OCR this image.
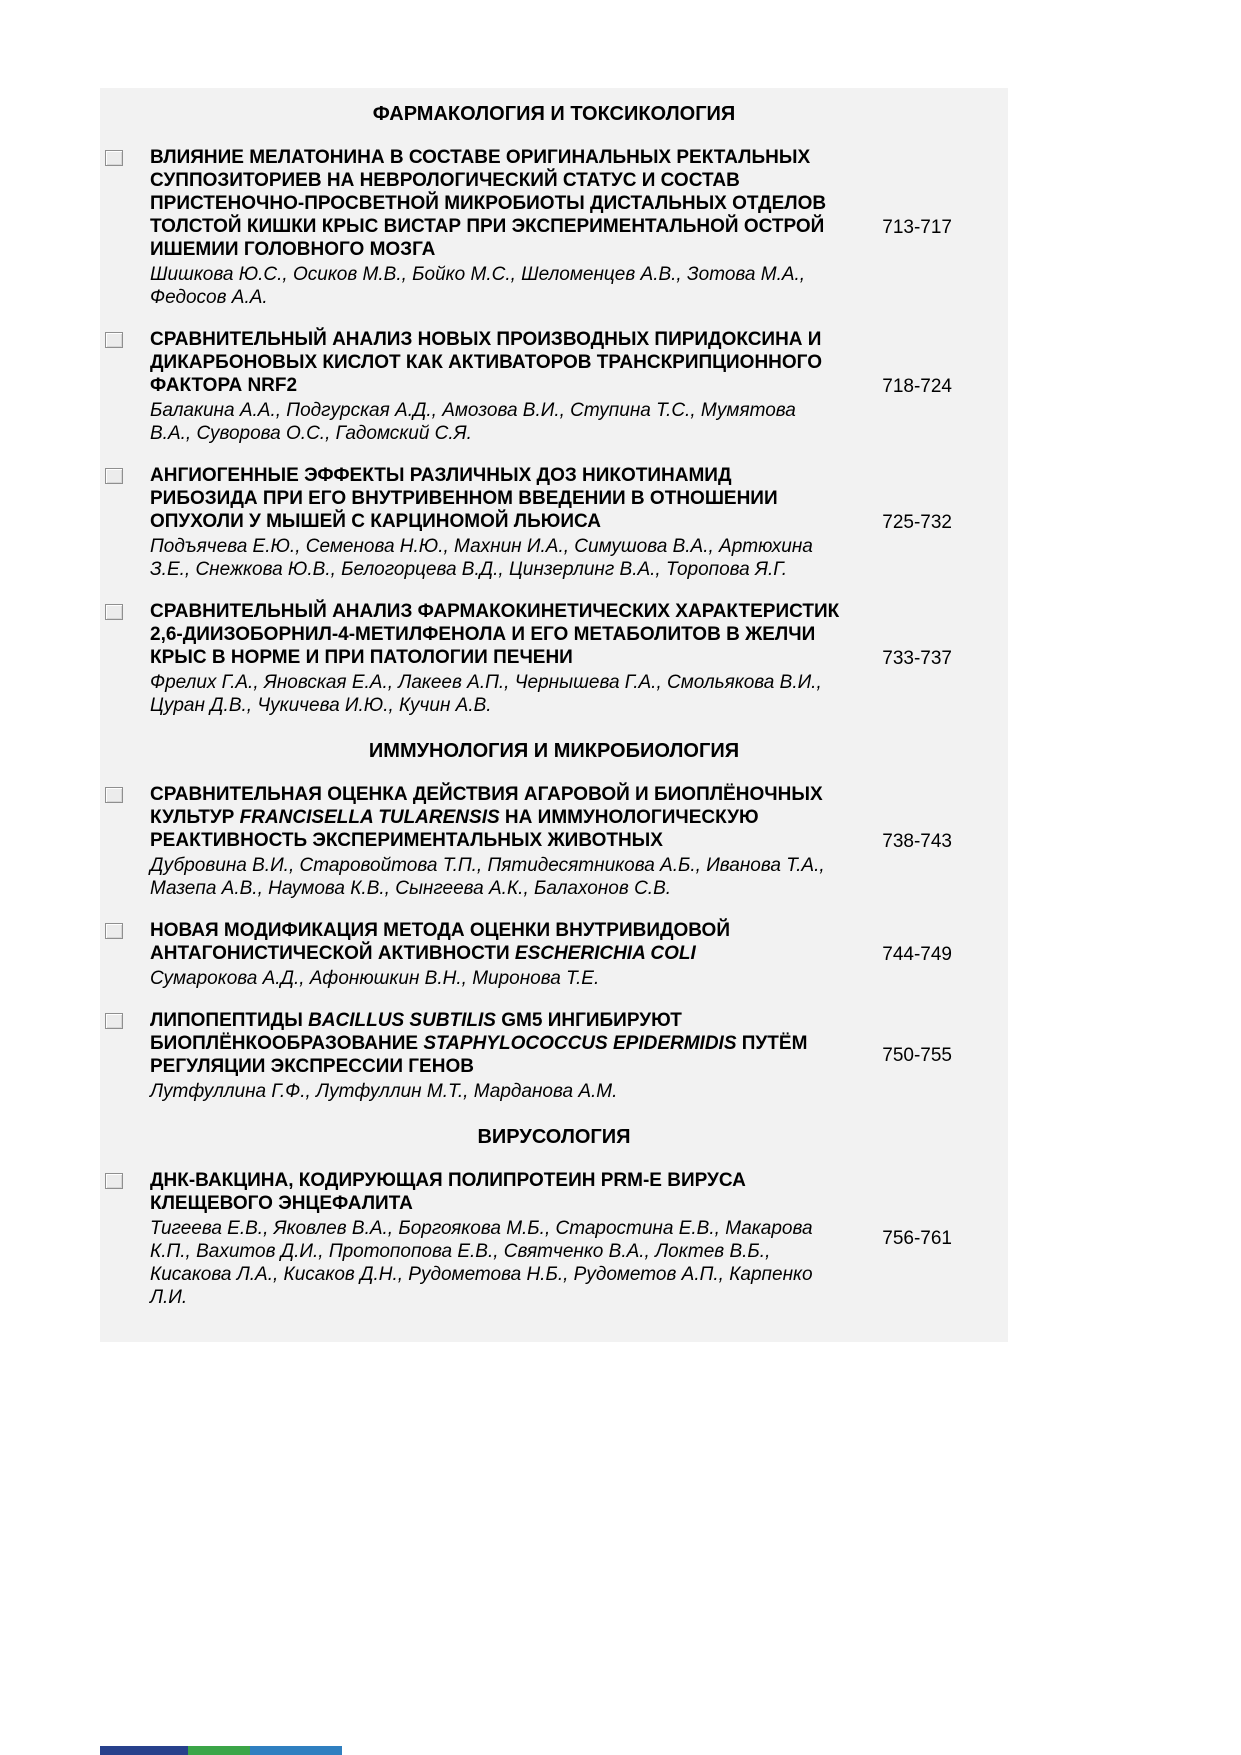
ФАРМАКОЛОГИЯ И ТОКСИКОЛОГИЯ
ВЛИЯНИЕ МЕЛАТОНИНА В СОСТАВЕ ОРИГИНАЛЬНЫХ РЕКТАЛЬНЫХ СУППОЗИТОРИЕВ НА НЕВРОЛОГИЧЕСКИЙ СТАТУС И СОСТАВ ПРИСТЕНОЧНО-ПРОСВЕТНОЙ МИКРОБИОТЫ ДИСТАЛЬНЫХ ОТДЕЛОВ ТОЛСТОЙ КИШКИ КРЫС ВИСТАР ПРИ ЭКСПЕРИМЕНТАЛЬНОЙ ОСТРОЙ ИШЕМИИ ГОЛОВНОГО МОЗГА
Шишкова Ю.С., Осиков М.В., Бойко М.С., Шеломенцев А.В., Зотова М.А., Федосов А.А.
713-717
СРАВНИТЕЛЬНЫЙ АНАЛИЗ НОВЫХ ПРОИЗВОДНЫХ ПИРИДОКСИНА И ДИКАРБОНОВЫХ КИСЛОТ КАК АКТИВАТОРОВ ТРАНСКРИПЦИОННОГО ФАКТОРА NRF2
Балакина А.А., Подгурская А.Д., Амозова В.И., Ступина Т.С., Мумятова В.А., Суворова О.С., Гадомский С.Я.
718-724
АНГИОГЕННЫЕ ЭФФЕКТЫ РАЗЛИЧНЫХ ДОЗ НИКОТИНАМИД РИБОЗИДА ПРИ ЕГО ВНУТРИВЕННОМ ВВЕДЕНИИ В ОТНОШЕНИИ ОПУХОЛИ У МЫШЕЙ С КАРЦИНОМОЙ ЛЬЮИСА
Подъячева Е.Ю., Семенова Н.Ю., Махнин И.А., Симушова В.А., Артюхина З.Е., Снежкова Ю.В., Белогорцева В.Д., Цинзерлинг В.А., Торопова Я.Г.
725-732
СРАВНИТЕЛЬНЫЙ АНАЛИЗ ФАРМАКОКИНЕТИЧЕСКИХ ХАРАКТЕРИСТИК 2,6-ДИИЗОБОРНИЛ-4-МЕТИЛФЕНОЛА И ЕГО МЕТАБОЛИТОВ В ЖЕЛЧИ КРЫС В НОРМЕ И ПРИ ПАТОЛОГИИ ПЕЧЕНИ
Фрелих Г.А., Яновская Е.А., Лакеев А.П., Чернышева Г.А., Смольякова В.И., Цуран Д.В., Чукичева И.Ю., Кучин А.В.
733-737
ИММУНОЛОГИЯ И МИКРОБИОЛОГИЯ
СРАВНИТЕЛЬНАЯ ОЦЕНКА ДЕЙСТВИЯ АГАРОВОЙ И БИОПЛЁНОЧНЫХ КУЛЬТУР FRANCISELLA TULARENSIS НА ИММУНОЛОГИЧЕСКУЮ РЕАКТИВНОСТЬ ЭКСПЕРИМЕНТАЛЬНЫХ ЖИВОТНЫХ
Дубровина В.И., Старовойтова Т.П., Пятидесятникова А.Б., Иванова Т.А., Мазепа А.В., Наумова К.В., Сынгеева А.К., Балахонов С.В.
738-743
НОВАЯ МОДИФИКАЦИЯ МЕТОДА ОЦЕНКИ ВНУТРИВИДОВОЙ АНТАГОНИСТИЧЕСКОЙ АКТИВНОСТИ ESCHERICHIA COLI
Сумарокова А.Д., Афонюшкин В.Н., Миронова Т.Е.
744-749
ЛИПОПЕПТИДЫ BACILLUS SUBTILIS GM5 ИНГИБИРУЮТ БИОПЛЁНКООБРАЗОВАНИЕ STAPHYLOCOCCUS EPIDERMIDIS ПУТЁМ РЕГУЛЯЦИИ ЭКСПРЕССИИ ГЕНОВ
Лутфуллина Г.Ф., Лутфуллин М.Т., Марданова А.М.
750-755
ВИРУСОЛОГИЯ
ДНК-ВАКЦИНА, КОДИРУЮЩАЯ ПОЛИПРОТЕИН PRM-E ВИРУСА КЛЕЩЕВОГО ЭНЦЕФАЛИТА
Тигеева Е.В., Яковлев В.А., Боргоякова М.Б., Старостина Е.В., Макарова К.П., Вахитов Д.И., Протопопова Е.В., Святченко В.А., Локтев В.Б., Кисакова Л.А., Кисаков Д.Н., Рудометова Н.Б., Рудометов А.П., Карпенко Л.И.
756-761
